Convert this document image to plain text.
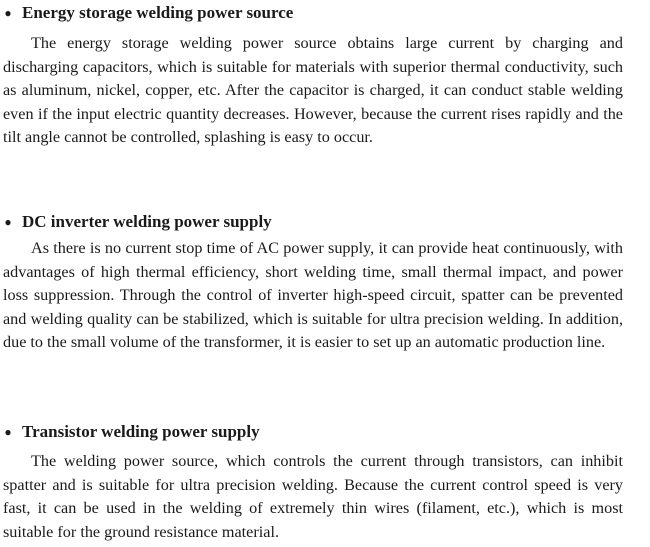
● Energy storage welding power source

The energy storage welding power source obtains large current by charging and discharging capacitors, which is suitable for materials with superior thermal conductivity, such as aluminum, nickel, copper, etc. After the capacitor is charged, it can conduct stable welding even if the input electric quantity decreases. However, because the current rises rapidly and the tilt angle cannot be controlled, splashing is easy to occur.

● DC inverter welding power supply

As there is no current stop time of AC power supply, it can provide heat continuously, with advantages of high thermal efficiency, short welding time, small thermal impact, and power loss suppression. Through the control of inverter high-speed circuit, spatter can be prevented and welding quality can be stabilized, which is suitable for ultra precision welding. In addition, due to the small volume of the transformer, it is easier to set up an automatic production line.

● Transistor welding power supply

The welding power source, which controls the current through transistors, can inhibit spatter and is suitable for ultra precision welding. Because the current control speed is very fast, it can be used in the welding of extremely thin wires (filament, etc.), which is most suitable for the ground resistance material.
